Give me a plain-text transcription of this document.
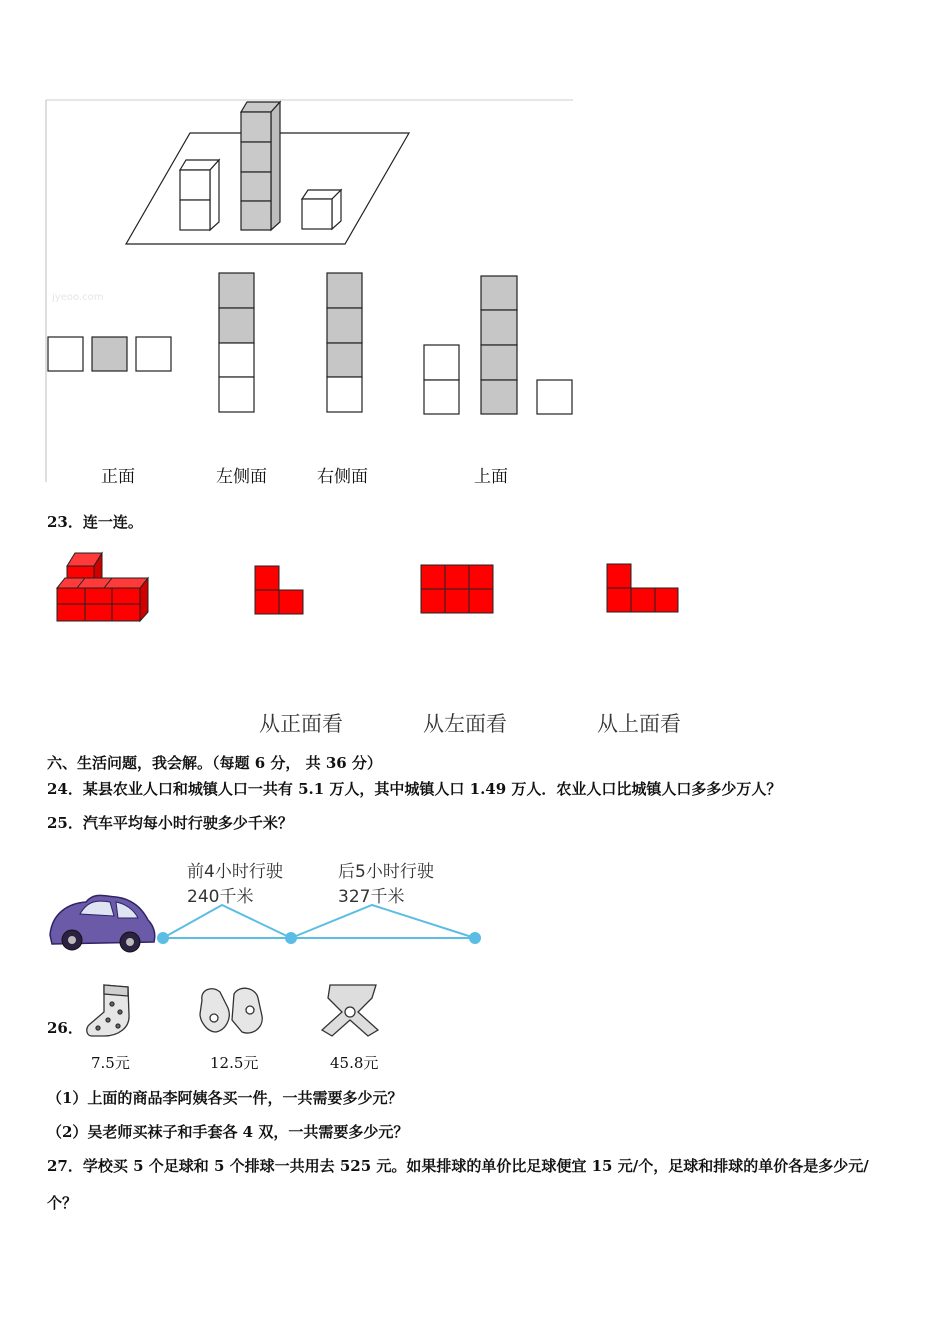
jyeoo.com
正面	左侧面	右侧面	上面
23．连一连。
从正面看	从左面看	从上面看
六、生活问题，我会解。（每题 6 分， 共 36 分）
24．某县农业人口和城镇人口一共有 5.1 万人，其中城镇人口 1.49 万人．农业人口比城镇人口多多少万人？
25．汽车平均每小时行驶多少千米？
前4小时行驶
240千米
后5小时行驶
327千米
26．
7.5元	12.5元	45.8元
（1）上面的商品李阿姨各买一件，一共需要多少元？
（2）吴老师买袜子和手套各 4 双，一共需要多少元？
27．学校买 5 个足球和 5 个排球一共用去 525 元。如果排球的单价比足球便宜 15 元/个，足球和排球的单价各是多少元/
个？
